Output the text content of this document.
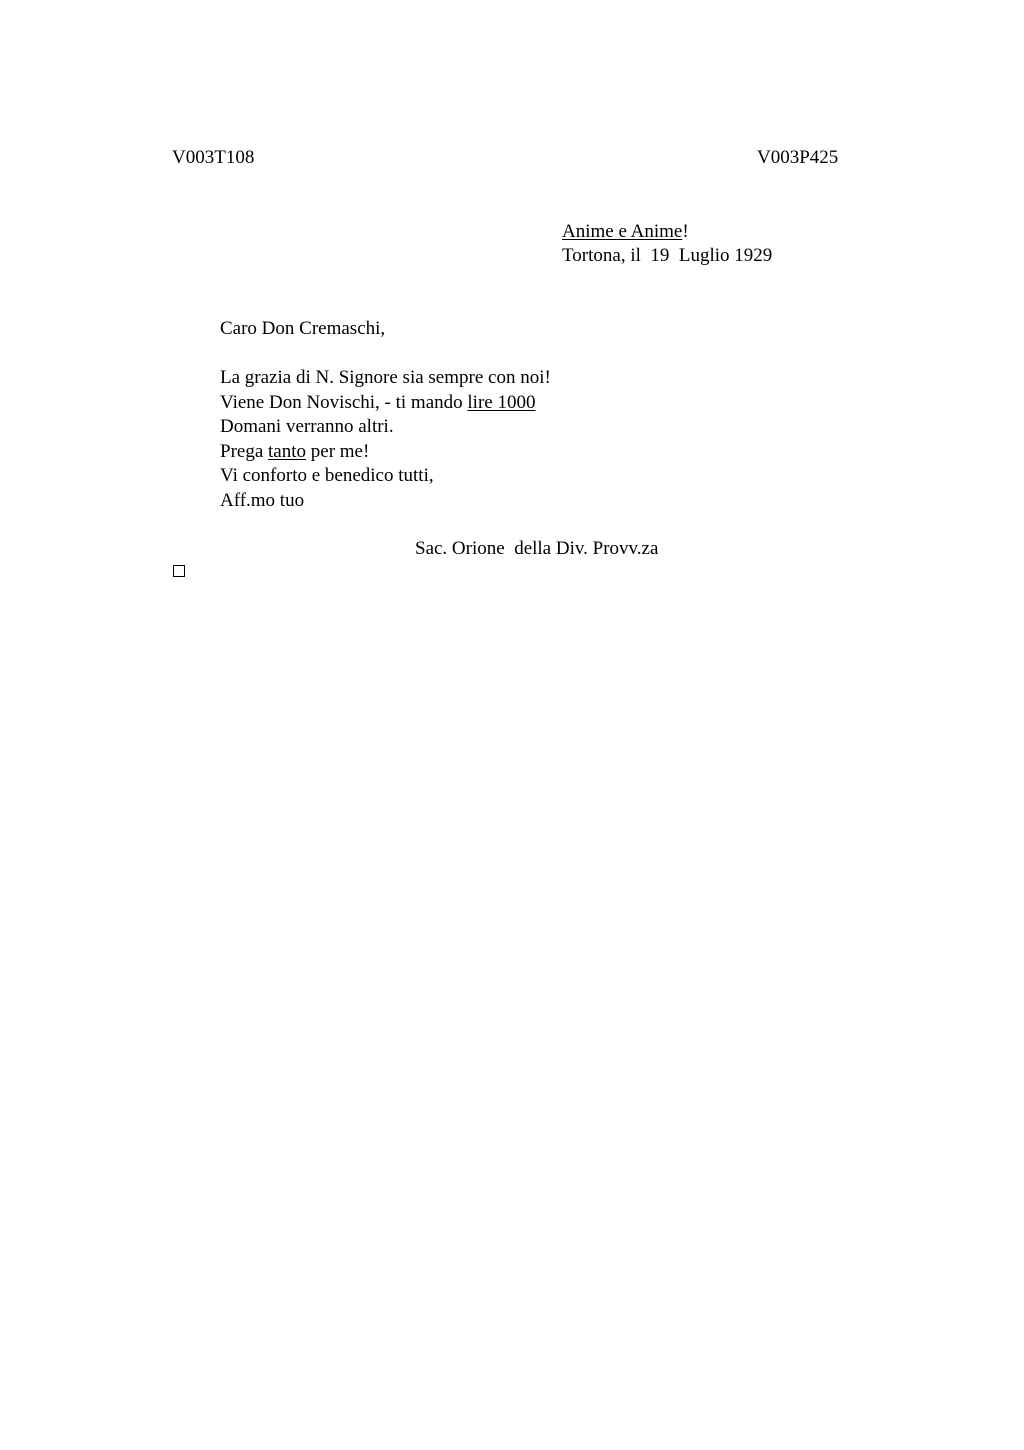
V003T108	V003P425
Anime e Anime!
Tortona, il  19  Luglio 1929
Caro Don Cremaschi,
La grazia di N. Signore sia sempre con noi!
Viene Don Novischi, - ti mando lire 1000
Domani verranno altri.
Prega tanto per me!
Vi conforto e benedico tutti,
Aff.mo tuo
Sac. Orione  della Div. Provv.za
